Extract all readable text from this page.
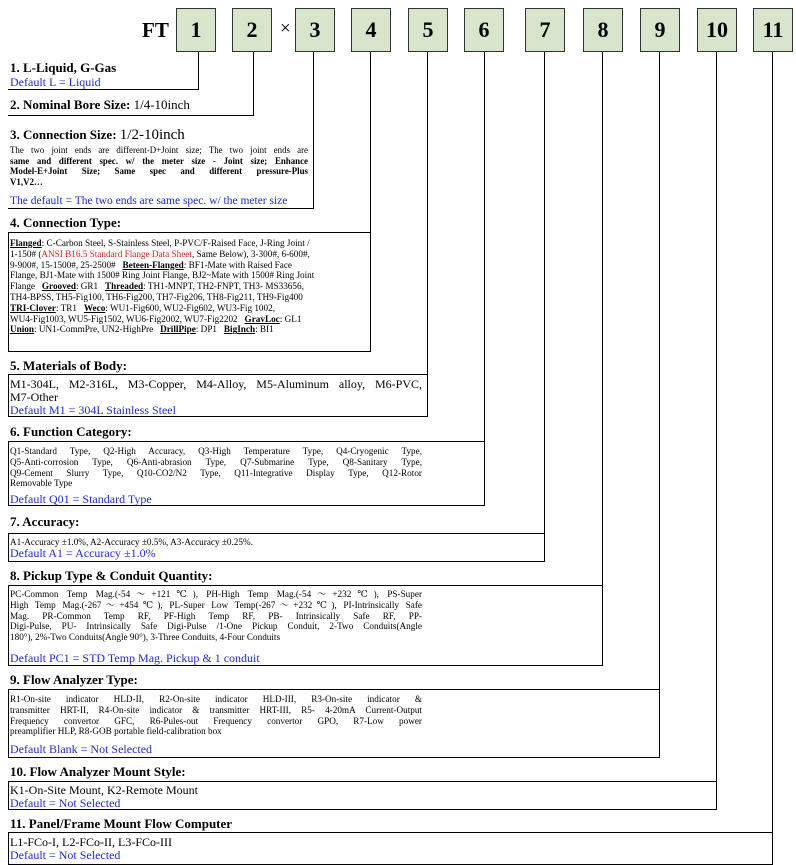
FT	×
1	2	3	4	5	6	7	8	9	10	11
1. L-Liquid, G-Gas
Default L = Liquid
2. Nominal Bore Size: 1/4-10inch
3. Connection Size: 1/2-10inch
The two joint ends are different-D+Joint size; The two joint ends are
same and different spec. w/ the meter size - Joint size; Enhance
Model-E+Joint Size; Same spec and different pressure-Plus
V1,V2…
The default = The two ends are same spec. w/ the meter size
4. Connection Type:
Flanged: C-Carbon Steel, S-Stainless Steel, P-PVC/F-Raised Face, J-Ring Joint /
1-150# (ANSI B16.5 Standard Flange Data Sheet, Same Below), 3-300#, 6-600#,
9-900#, 15-1500#, 25-2500# Beteen-Flanged: BF1-Mate with Raised Face
Flange, BJ1-Mate with 1500# Ring Joint Flange, BJ2~Mate with 1500# Ring Joint
Flange Grooved: GR1 Threaded: TH1-MNPT, TH2-FNPT, TH3- MS33656,
TH4-BPSS, TH5-Fig100, TH6-Fig200, TH7-Fig206, TH8-Fig211, TH9-Fig400
TRI-Clover: TR1 Weco: WU1-Fig600, WU2-Fig602, WU3-Fig 1002,
WU4-Fig1003, WU5-Fig1502, WU6-Fig2002, WU7-Fig2202 GravLoc: GL1
Union: UN1-CommPre, UN2-HighPre DrillPipe: DP1 BigInch: BI1
5. Materials of Body:
M1-304L, M2-316L, M3-Copper, M4-Alloy, M5-Aluminum alloy, M6-PVC,
M7-Other
Default M1 = 304L Stainless Steel
6. Function Category:
Q1-Standard Type, Q2-High Accuracy, Q3-High Temperature Type, Q4-Cryogenic Type,
Q5-Anti-corrosion Type, Q6-Anti-abrasion Type, Q7-Submarine Type, Q8-Sanitary Type,
Q9-Cement Slurry Type, Q10-CO2/N2 Type, Q11-Integrative Display Type, Q12-Rotor
Removable Type
Default Q01 = Standard Type
7. Accuracy:
A1-Accuracy ±1.0%, A2-Accuracy ±0.5%, A3-Accuracy ±0.25%.
Default A1 = Accuracy ±1.0%
8. Pickup Type & Conduit Quantity:
PC-Common Temp Mag.(-54～+121℃), PH-High Temp Mag.(-54～+232℃), PS-Super
High Temp Mag.(-267～+454℃), PL-Super Low Temp(-267～+232℃), PI-Intrinsically Safe
Mag. PR-Common Temp RF, PF-High Temp RF, PB- Intrinsically Safe RF, PP-
Digi-Pulse, PU- Intrinsically Safe Digi-Pulse /1-One Pickup Conduit, 2-Two Conduits(Angle
180°), 2%-Two Conduits(Angle 90°), 3-Three Conduits, 4-Four Conduits
Default PC1 = STD Temp Mag. Pickup & 1 conduit
9. Flow Analyzer Type:
R1-On-site indicator HLD-II, R2-On-site indicator HLD-III, R3-On-site indicator &
transmitter HRT-II, R4-On-site indicator & transmitter HRT-III, R5- 4-20mA Current-Output
Frequency convertor GFC, R6-Pules-out Frequency convertor GPO, R7-Low power
preamplifier HLP, R8-GOB portable field-calibration box
Default Blank = Not Selected
10. Flow Analyzer Mount Style:
K1-On-Site Mount, K2-Remote Mount
Default = Not Selected
11. Panel/Frame Mount Flow Computer
L1-FCo-I, L2-FCo-II, L3-FCo-III
Default = Not Selected
